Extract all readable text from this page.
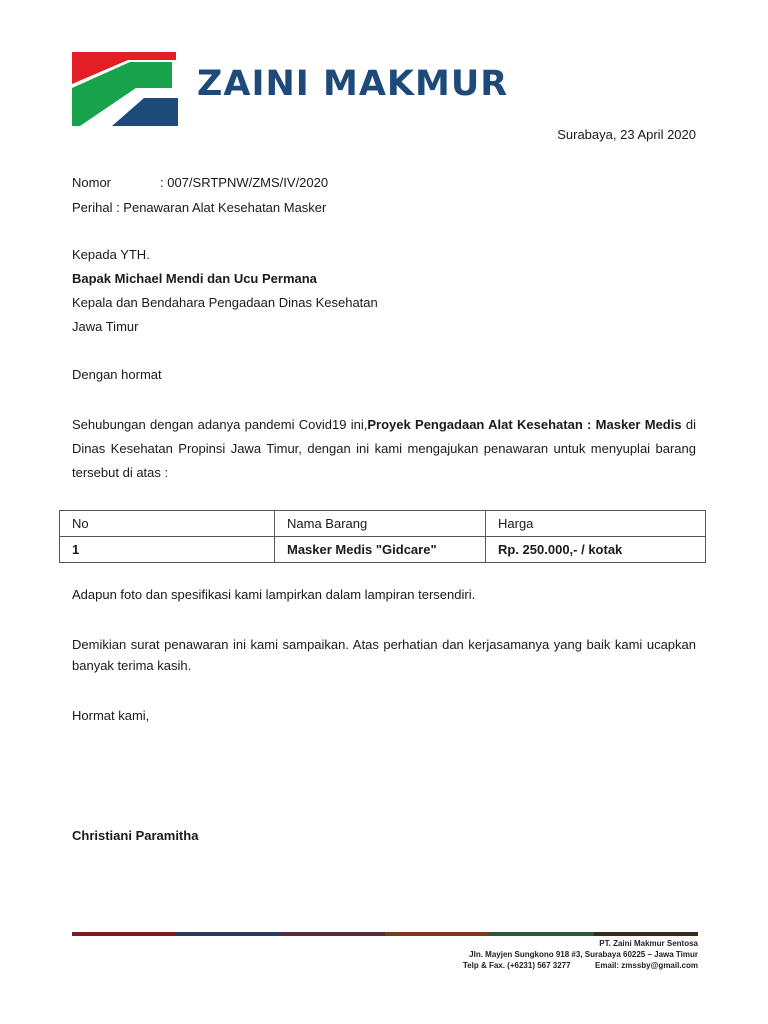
ZAINI MAKMUR
Surabaya, 23 April 2020
Nomor	: 007/SRTPNW/ZMS/IV/2020
Perihal : Penawaran Alat Kesehatan Masker
Kepada YTH.
Bapak Michael Mendi dan Ucu Permana
Kepala dan Bendahara Pengadaan Dinas Kesehatan
Jawa Timur
Dengan hormat
Sehubungan dengan adanya pandemi Covid19 ini,Proyek Pengadaan Alat Kesehatan : Masker Medis di Dinas Kesehatan Propinsi Jawa Timur, dengan ini kami mengajukan penawaran untuk menyuplai barang tersebut di atas :
No	Nama Barang	Harga
1	Masker Medis "Gidcare"	Rp. 250.000,- / kotak
Adapun foto dan spesifikasi kami lampirkan dalam lampiran tersendiri.
Demikian surat penawaran ini kami sampaikan. Atas perhatian dan kerjasamanya yang baik kami ucapkan banyak terima kasih.
Hormat kami,
Christiani Paramitha
PT. Zaini Makmur Sentosa
Jln. Mayjen Sungkono 918 #3, Surabaya 60225 – Jawa Timur
Telp & Fax. (+6231) 567 3277	Email: zmssby@gmail.com
